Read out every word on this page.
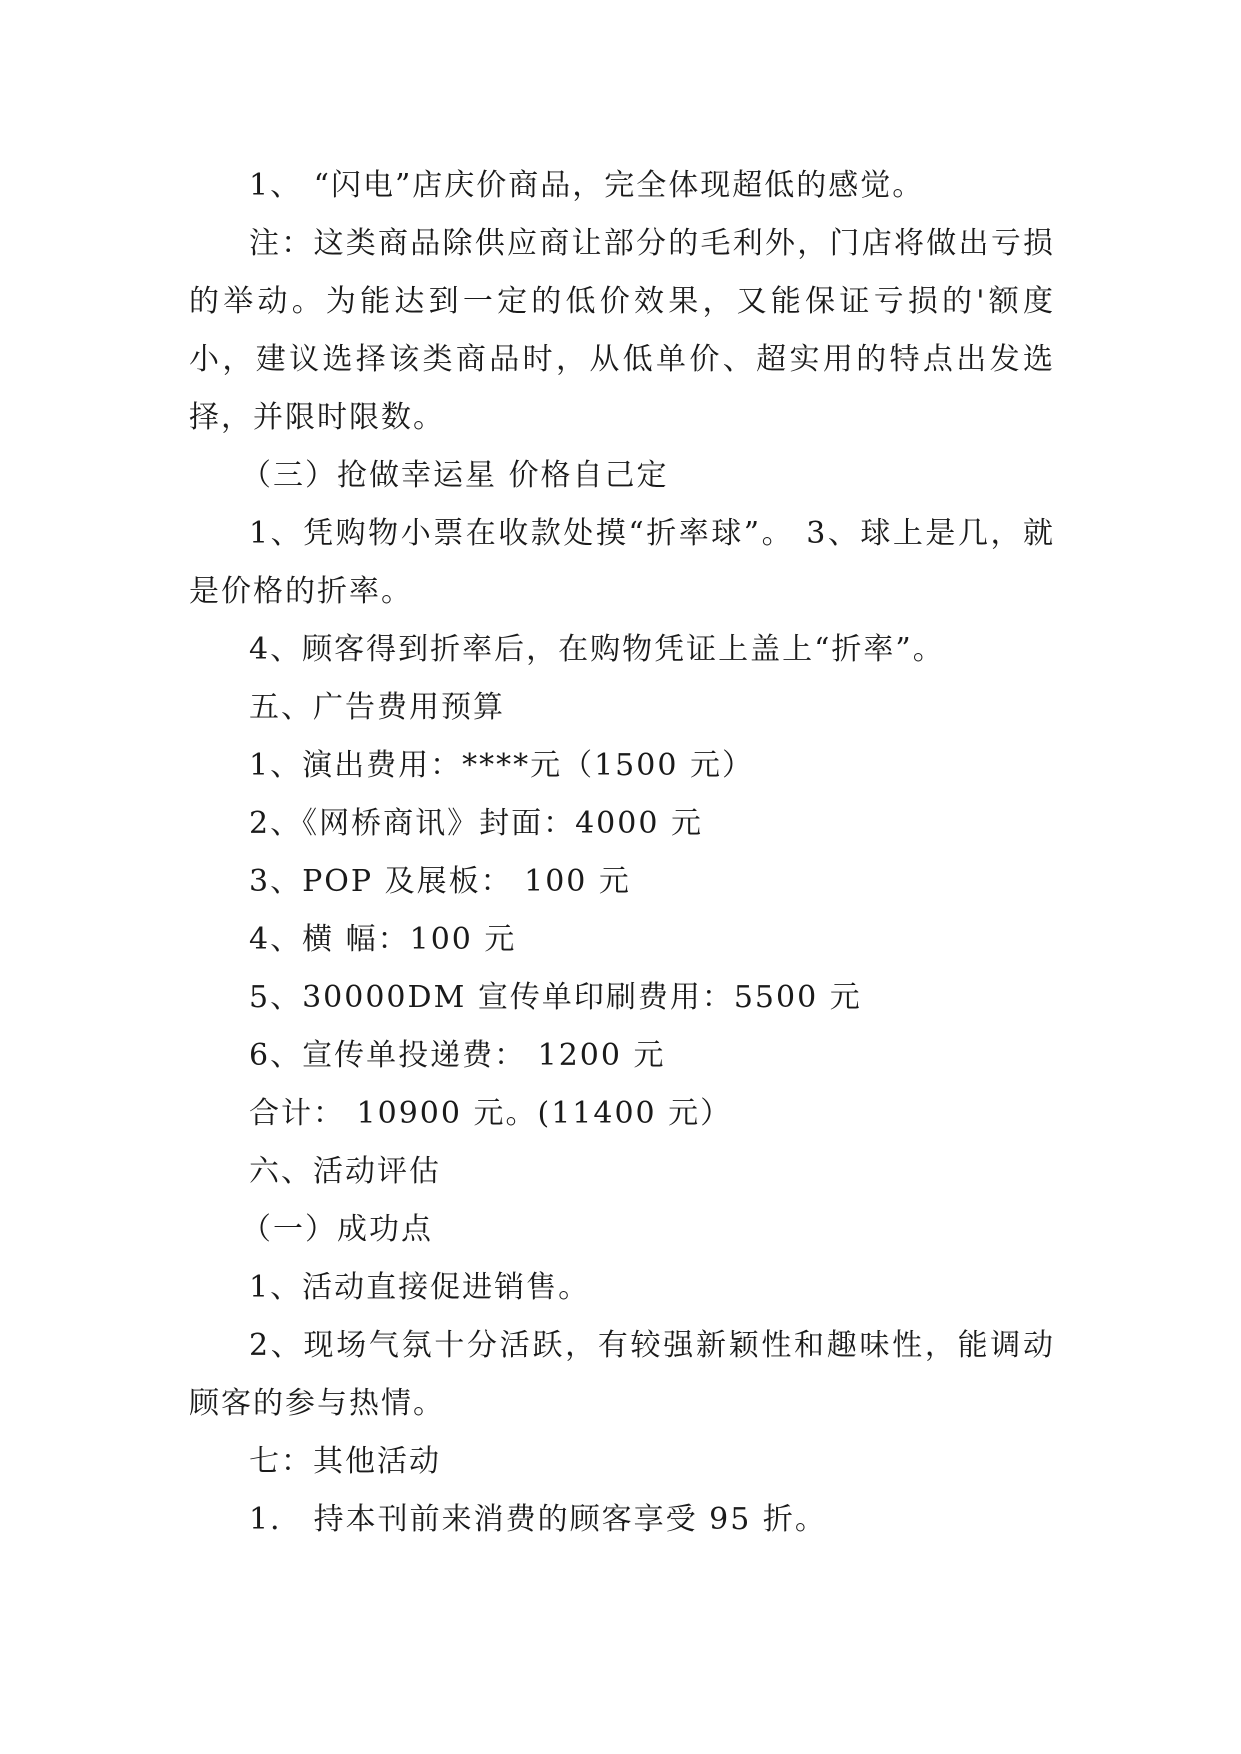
1、 “闪电”店庆价商品，完全体现超低的感觉。

注：这类商品除供应商让部分的毛利外，门店将做出亏损的举动。为能达到一定的低价效果，又能保证亏损的'额度小，建议选择该类商品时，从低单价、超实用的特点出发选择，并限时限数。

（三）抢做幸运星 价格自己定

1、凭购物小票在收款处摸“折率球”。 3、球上是几，就是价格的折率。

4、顾客得到折率后，在购物凭证上盖上“折率”。

五、广告费用预算

1、演出费用：****元（1500 元）

2、《网桥商讯》封面：4000 元

3、POP 及展板： 100 元

4、横 幅：100 元

5、30000DM 宣传单印刷费用：5500 元

6、宣传单投递费： 1200 元

合计： 10900 元。(11400 元）

六、活动评估

（一）成功点

1、活动直接促进销售。

2、现场气氛十分活跃，有较强新颖性和趣味性，能调动顾客的参与热情。

七：其他活动

1． 持本刊前来消费的顾客享受 95 折。
